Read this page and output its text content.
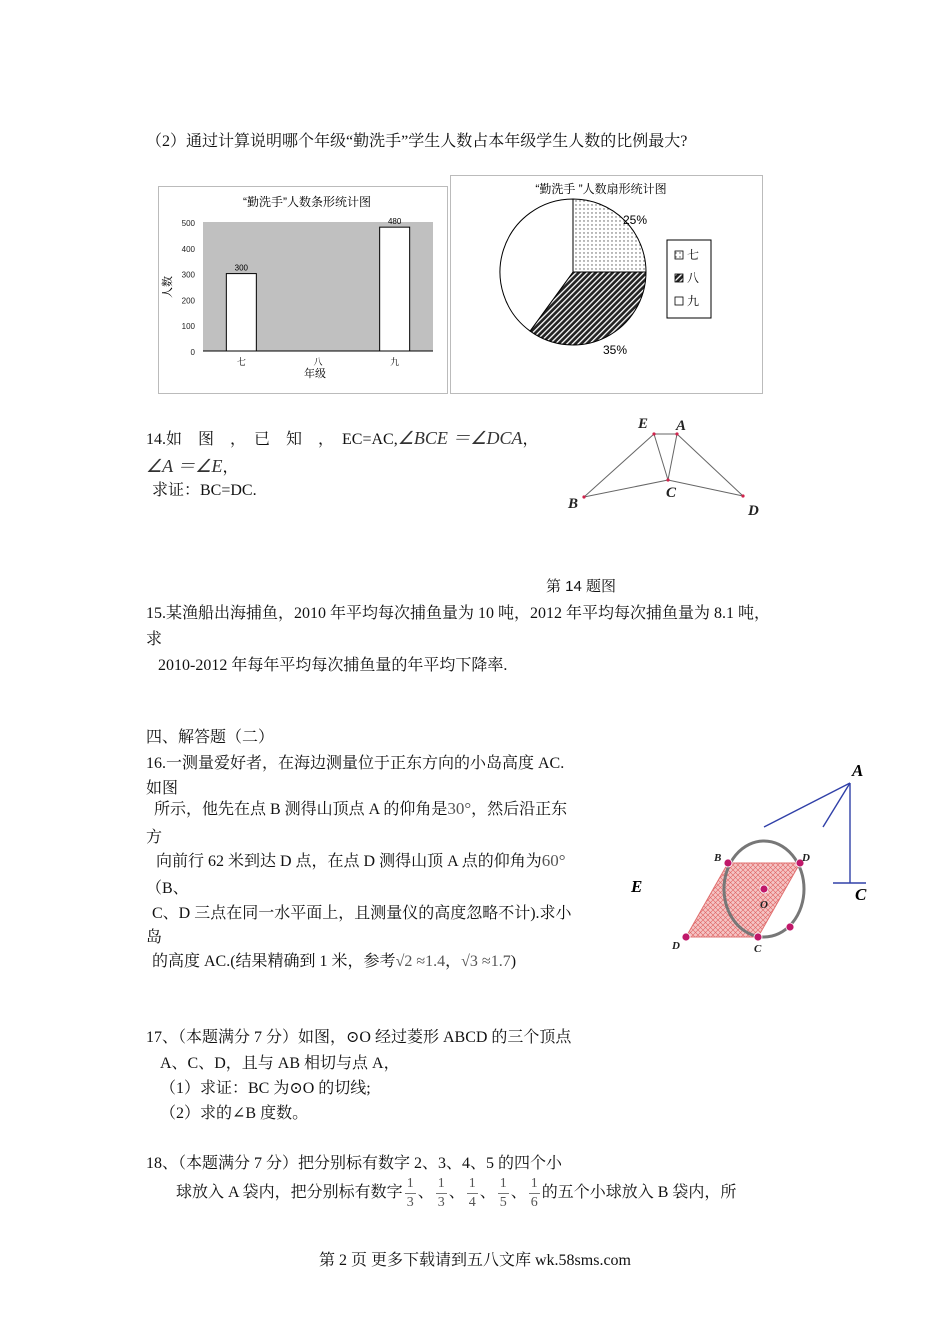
（2）通过计算说明哪个年级“勤洗手”学生人数占本年级学生人数的比例最大?
“勤洗手”人数条形统计图
500
400
300
200
100
0
300
480
七	八	九
人数
年级
“勤洗手 ”人数扇形统计图
25%
35%
七
八
九
14.如　图　，　已　知　，　EC=AC,∠BCE ＝∠DCA，
∠A ＝∠E，
求证：BC=DC.
E A
B
C
D
第 14 题图
15.某渔船出海捕鱼，2010 年平均每次捕鱼量为 10 吨，2012 年平均每次捕鱼量为 8.1 吨，
求
2010-2012 年每年平均每次捕鱼量的年平均下降率.
四、解答题（二）
16.一测量爱好者，在海边测量位于正东方向的小岛高度 AC.
如图
所示，他先在点 B 测得山顶点 A 的仰角是30°，然后沿正东
方
向前行 62 米到达 D 点，在点 D 测得山顶 A 点的仰角为60°
（B、
C、D 三点在同一水平面上，且测量仪的高度忽略不计).求小
岛
的高度 AC.(结果精确到 1 米，参考√2 ≈1.4，√3 ≈1.7)
A
C
E
B	D
O
D	C
17、（本题满分 7 分）如图，⊙O 经过菱形 ABCD 的三个顶点
A、C、D，且与 AB 相切与点 A，
（1）求证：BC 为⊙O 的切线;
（2）求的∠B 度数。
18、（本题满分 7 分）把分别标有数字 2、3、4、5 的四个小
球放入 A 袋内，把分别标有数字 $\frac{1}{3}$ 、 $\frac{1}{3}$ 、 $\frac{1}{4}$ 、 $\frac{1}{5}$ 、 $\frac{1}{6}$ 的五个小球放入 B 袋内，所
第 2 页 更多下载请到五八文库 wk.58sms.com
